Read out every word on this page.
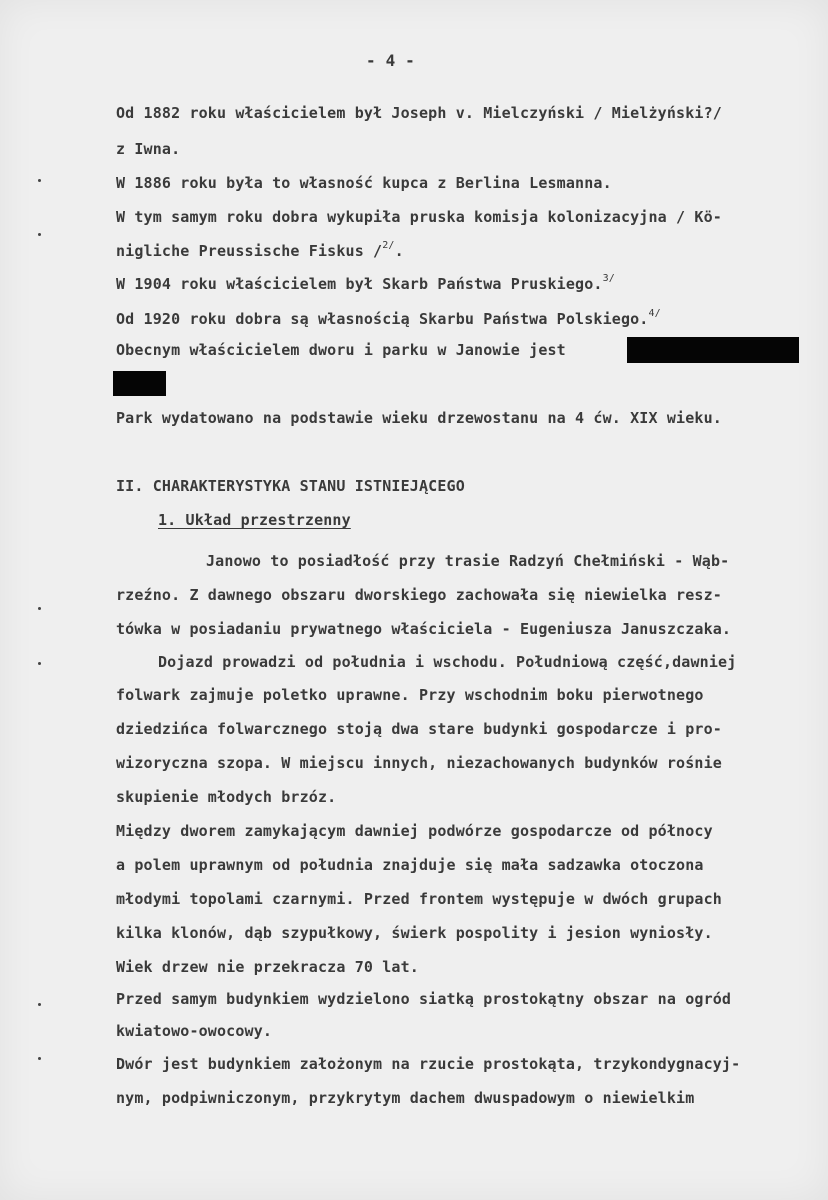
- 4 -
Od 1882 roku właścicielem był Joseph v. Mielczyński / Mielżyński?/
z Iwna.
W 1886 roku była to własność kupca z Berlina Lesmanna.
W tym samym roku dobra wykupiła pruska komisja kolonizacyjna / Kö-
nigliche Preussische Fiskus /$^{2/}$.
W 1904 roku właścicielem był Skarb Państwa Pruskiego.$^{3/}$
Od 1920 roku dobra są własnością Skarbu Państwa Polskiego.$^{4/}$
Obecnym właścicielem dworu i parku w Janowie jest
Park wydatowano na podstawie wieku drzewostanu na 4 ćw. XIX wieku.
II. CHARAKTERYSTYKA STANU ISTNIEJĄCEGO
1. Układ przestrzenny
Janowo to posiadłość przy trasie Radzyń Chełmiński - Wąb-
rzeźno. Z dawnego obszaru dworskiego zachowała się niewielka resz-
tówka w posiadaniu prywatnego właściciela - Eugeniusza Januszczaka.
Dojazd prowadzi od południa i wschodu. Południową część,dawniej
folwark zajmuje poletko uprawne. Przy wschodnim boku pierwotnego
dziedzińca folwarcznego stoją dwa stare budynki gospodarcze i pro-
wizoryczna szopa. W miejscu innych, niezachowanych budynków rośnie
skupienie młodych brzóz.
Między dworem zamykającym dawniej podwórze gospodarcze od północy
a polem uprawnym od południa znajduje się mała sadzawka otoczona
młodymi topolami czarnymi. Przed frontem występuje w dwóch grupach
kilka klonów, dąb szypułkowy, świerk pospolity i jesion wyniosły.
Wiek drzew nie przekracza 70 lat.
Przed samym budynkiem wydzielono siatką prostokątny obszar na ogród
kwiatowo-owocowy.
Dwór jest budynkiem założonym na rzucie prostokąta, trzykondygnacyj-
nym, podpiwniczonym, przykrytym dachem dwuspadowym o niewielkim
